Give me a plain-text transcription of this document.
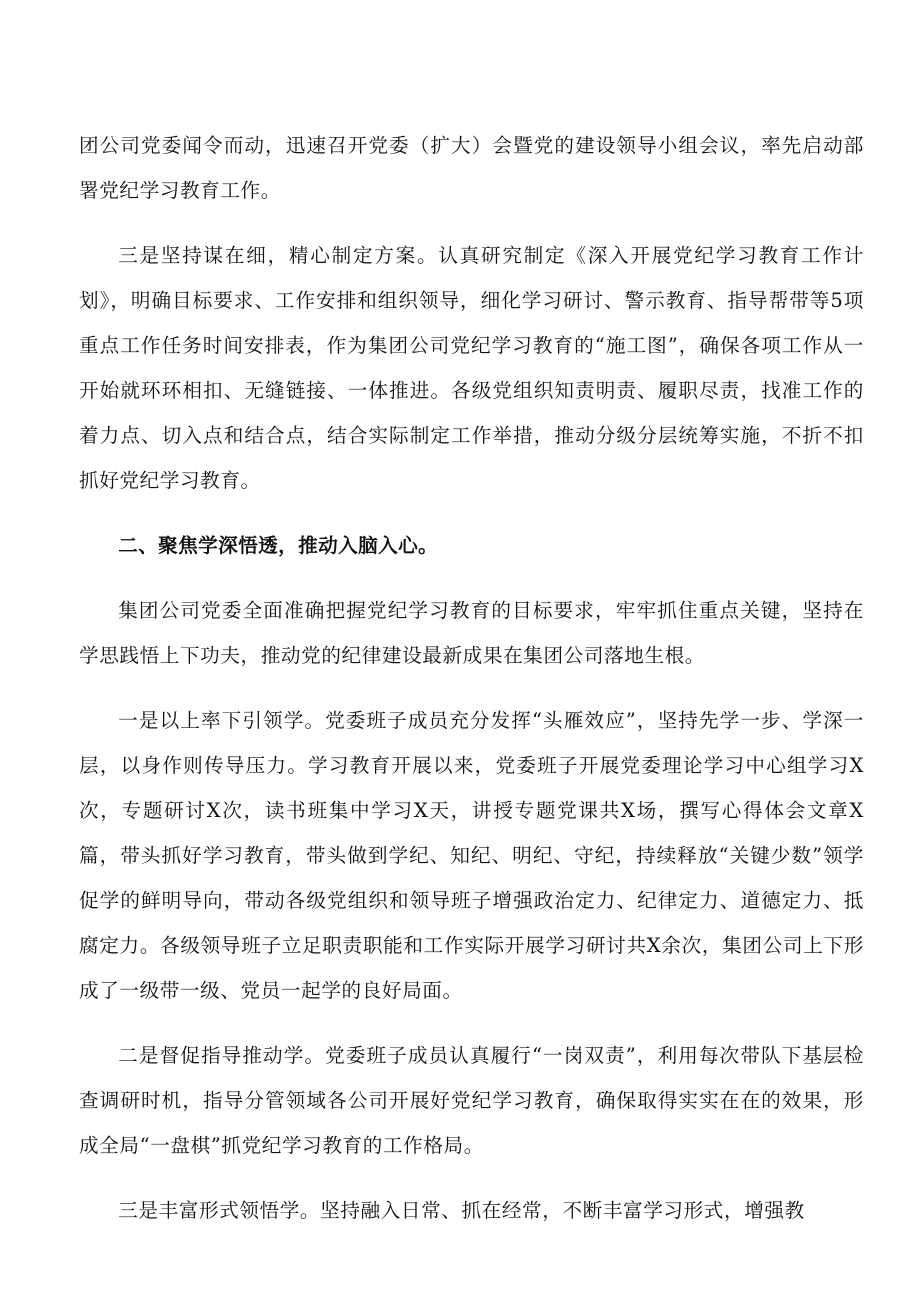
团公司党委闻令而动，迅速召开党委（扩大）会暨党的建设领导小组会议，率先启动部署党纪学习教育工作。

三是坚持谋在细，精心制定方案。认真研究制定《深入开展党纪学习教育工作计划》，明确目标要求、工作安排和组织领导，细化学习研讨、警示教育、指导帮带等5项重点工作任务时间安排表，作为集团公司党纪学习教育的“施工图”，确保各项工作从一开始就环环相扣、无缝链接、一体推进。各级党组织知责明责、履职尽责，找准工作的着力点、切入点和结合点，结合实际制定工作举措，推动分级分层统筹实施，不折不扣抓好党纪学习教育。

二、聚焦学深悟透，推动入脑入心。

集团公司党委全面准确把握党纪学习教育的目标要求，牢牢抓住重点关键，坚持在学思践悟上下功夫，推动党的纪律建设最新成果在集团公司落地生根。

一是以上率下引领学。党委班子成员充分发挥“头雁效应”，坚持先学一步、学深一层，以身作则传导压力。学习教育开展以来，党委班子开展党委理论学习中心组学习X次，专题研讨X次，读书班集中学习X天，讲授专题党课共X场，撰写心得体会文章X篇，带头抓好学习教育，带头做到学纪、知纪、明纪、守纪，持续释放“关键少数”领学促学的鲜明导向，带动各级党组织和领导班子增强政治定力、纪律定力、道德定力、抵腐定力。各级领导班子立足职责职能和工作实际开展学习研讨共X余次，集团公司上下形成了一级带一级、党员一起学的良好局面。

二是督促指导推动学。党委班子成员认真履行“一岗双责”，利用每次带队下基层检查调研时机，指导分管领域各公司开展好党纪学习教育，确保取得实实在在的效果，形成全局“一盘棋”抓党纪学习教育的工作格局。

三是丰富形式领悟学。坚持融入日常、抓在经常，不断丰富学习形式，增强教
